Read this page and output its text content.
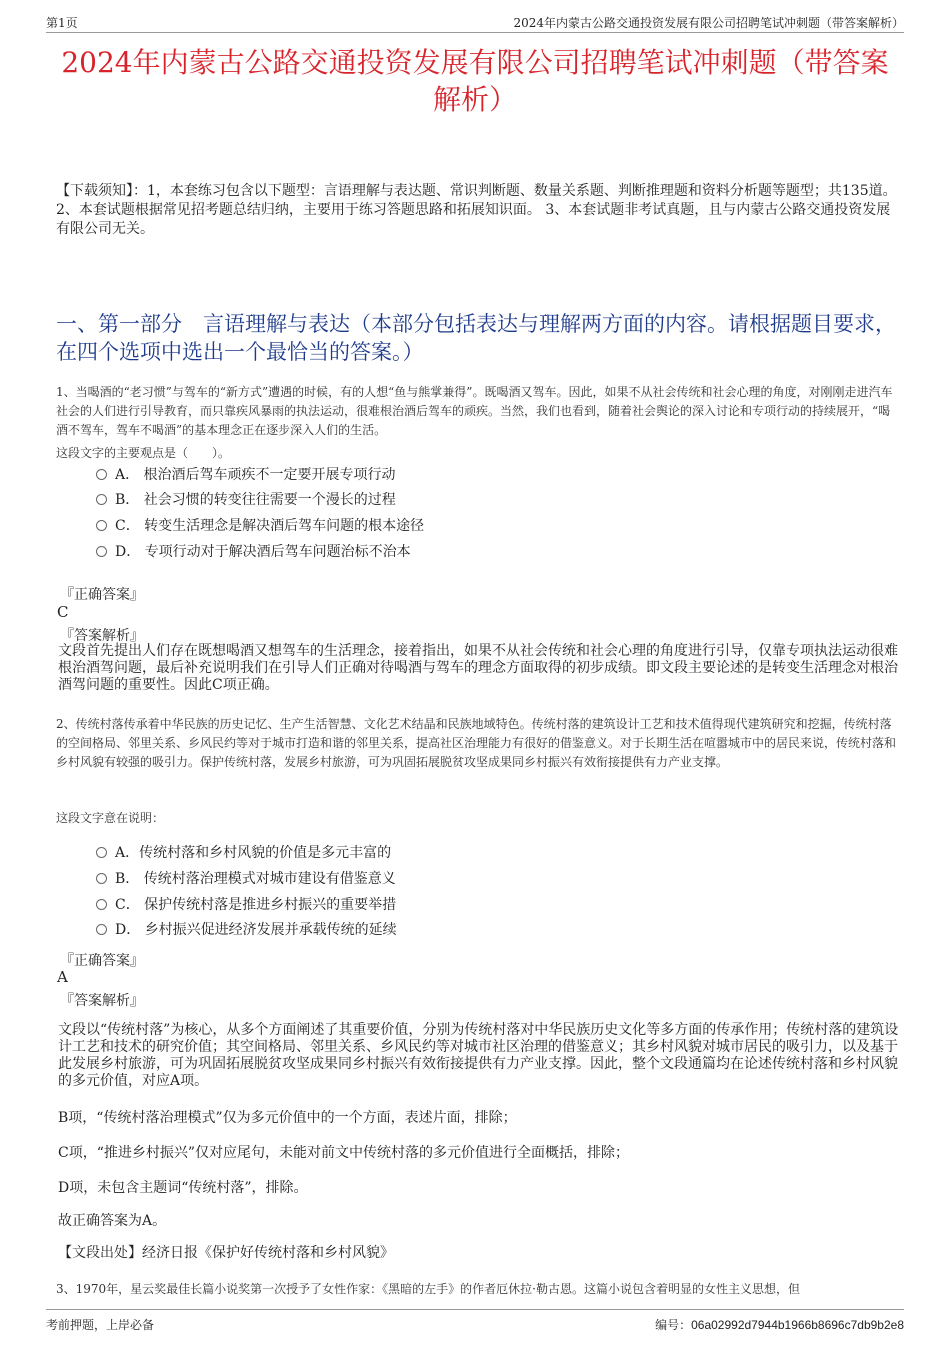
第1页	2024年内蒙古公路交通投资发展有限公司招聘笔试冲刺题（带答案解析）
2024年内蒙古公路交通投资发展有限公司招聘笔试冲刺题（带答案解析）
【下载须知】：1，本套练习包含以下题型：言语理解与表达题、常识判断题、数量关系题、判断推理题和资料分析题等题型；共135道。 2、本套试题根据常见招考题总结归纳，主要用于练习答题思路和拓展知识面。 3、本套试题非考试真题，且与内蒙古公路交通投资发展有限公司无关。
一、第一部分　言语理解与表达（本部分包括表达与理解两方面的内容。请根据题目要求，在四个选项中选出一个最恰当的答案。）
1、当喝酒的“老习惯”与驾车的“新方式”遭遇的时候，有的人想“鱼与熊掌兼得”。既喝酒又驾车。因此，如果不从社会传统和社会心理的角度，对刚刚走进汽车社会的人们进行引导教育，而只靠疾风暴雨的执法运动，很难根治酒后驾车的顽疾。当然，我们也看到，随着社会舆论的深入讨论和专项行动的持续展开，“喝酒不驾车，驾车不喝酒”的基本理念正在逐步深入人们的生活。
这段文字的主要观点是（　　）。
A． 根治酒后驾车顽疾不一定要开展专项行动
B． 社会习惯的转变往往需要一个漫长的过程
C． 转变生活理念是解决酒后驾车问题的根本途径
D． 专项行动对于解决酒后驾车问题治标不治本
『正确答案』
C
『答案解析』
文段首先提出人们存在既想喝酒又想驾车的生活理念，接着指出，如果不从社会传统和社会心理的角度进行引导，仅靠专项执法运动很难根治酒驾问题，最后补充说明我们在引导人们正确对待喝酒与驾车的理念方面取得的初步成绩。即文段主要论述的是转变生活理念对根治酒驾问题的重要性。因此C项正确。
2、传统村落传承着中华民族的历史记忆、生产生活智慧、文化艺术结晶和民族地域特色。传统村落的建筑设计工艺和技术值得现代建筑研究和挖掘，传统村落的空间格局、邻里关系、乡风民约等对于城市打造和谐的邻里关系，提高社区治理能力有很好的借鉴意义。对于长期生活在喧嚣城市中的居民来说，传统村落和乡村风貌有较强的吸引力。保护传统村落，发展乡村旅游，可为巩固拓展脱贫攻坚成果同乡村振兴有效衔接提供有力产业支撑。
这段文字意在说明：
A．传统村落和乡村风貌的价值是多元丰富的
B． 传统村落治理模式对城市建设有借鉴意义
C． 保护传统村落是推进乡村振兴的重要举措
D． 乡村振兴促进经济发展并承载传统的延续
『正确答案』
A
『答案解析』
文段以“传统村落”为核心，从多个方面阐述了其重要价值，分别为传统村落对中华民族历史文化等多方面的传承作用；传统村落的建筑设计工艺和技术的研究价值；其空间格局、邻里关系、乡风民约等对城市社区治理的借鉴意义；其乡村风貌对城市居民的吸引力，以及基于此发展乡村旅游，可为巩固拓展脱贫攻坚成果同乡村振兴有效衔接提供有力产业支撑。因此，整个文段通篇均在论述传统村落和乡村风貌的多元价值，对应A项。
B项，“传统村落治理模式”仅为多元价值中的一个方面，表述片面，排除；
C项，“推进乡村振兴”仅对应尾句，未能对前文中传统村落的多元价值进行全面概括，排除；
D项，未包含主题词“传统村落”，排除。
故正确答案为A。
【文段出处】经济日报《保护好传统村落和乡村风貌》
3、1970年，星云奖最佳长篇小说奖第一次授予了女性作家：《黑暗的左手》的作者厄休拉·勒古恩。这篇小说包含着明显的女性主义思想，但
考前押题，上岸必备	编号：06a02992d7944b1966b8696c7db9b2e8
